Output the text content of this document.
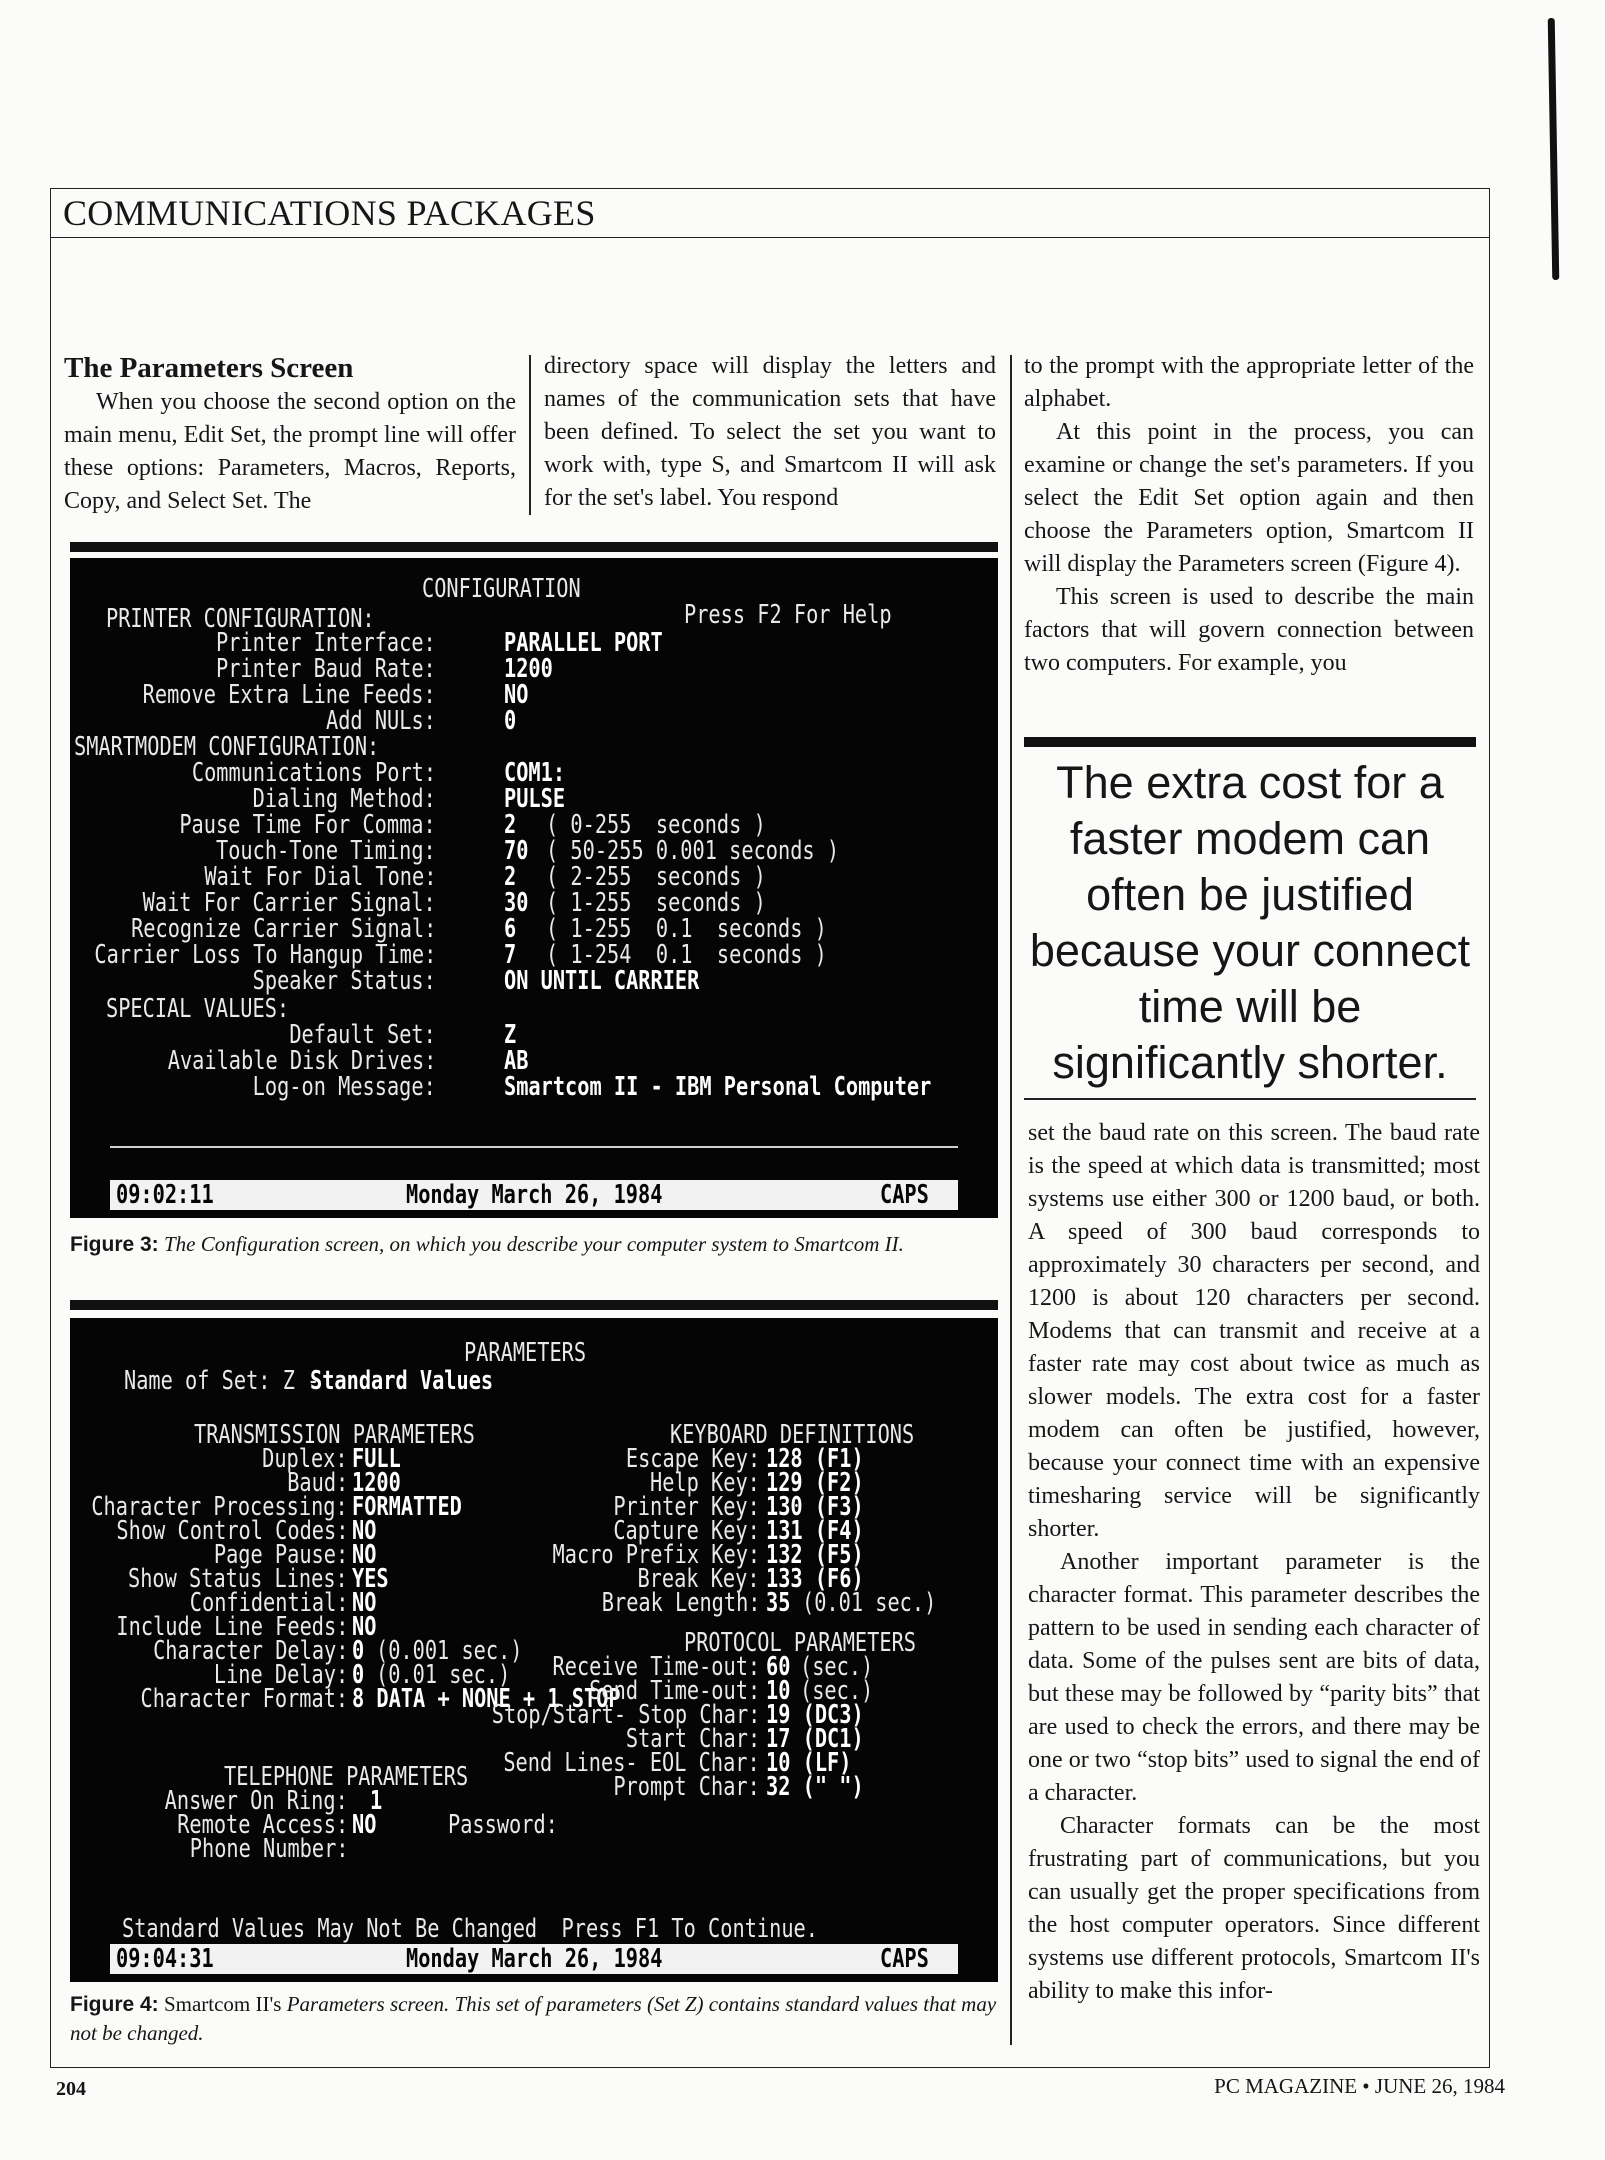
COMMUNICATIONS PACKAGES
The Parameters Screen

When you choose the second option on the main menu, Edit Set, the prompt line will offer these options: Parameters, Macros, Reports, Copy, and Select Set. The

directory space will display the letters and names of the communication sets that have been defined. To select the set you want to work with, type S, and Smartcom II will ask for the set's label. You respond

to the prompt with the appropriate letter of the alphabet.

At this point in the process, you can examine or change the set's parameters. If you select the Edit Set option again and then choose the Parameters option, Smartcom II will display the Parameters screen (Figure 4).

This screen is used to describe the main factors that will govern connection between two computers. For example, you

The extra cost for a faster modem can often be justified because your connect time will be significantly shorter.

set the baud rate on this screen. The baud rate is the speed at which data is transmitted; most systems use either 300 or 1200 baud, or both. A speed of 300 baud corresponds to approximately 30 characters per second, and 1200 is about 120 characters per second. Modems that can transmit and receive at a faster rate may cost about twice as much as slower models. The extra cost for a faster modem can often be justified, however, because your connect time with an expensive timesharing service will be significantly shorter.

Another important parameter is the character format. This parameter describes the pattern to be used in sending each character of data. Some of the pulses sent are bits of data, but these may be followed by “parity bits” that are used to check the errors, and there may be one or two “stop bits” used to signal the end of a character.

Character formats can be the most frustrating part of communications, but you can usually get the proper specifications from the host computer operators. Since different systems use different protocols, Smartcom II's ability to make this infor-

CONFIGURATION
Press F2 For Help
PRINTER CONFIGURATION:
Printer Interface:	PARALLEL PORT
Printer Baud Rate:	1200
Remove Extra Line Feeds:	NO
Add NULs:	0
SMARTMODEM CONFIGURATION:
Communications Port:	COM1:
Dialing Method:	PULSE
Pause Time For Comma:	2 ( 0-255  seconds )
Touch-Tone Timing:	70 ( 50-255 0.001 seconds )
Wait For Dial Tone:	2 ( 2-255  seconds )
Wait For Carrier Signal:	30 ( 1-255  seconds )
Recognize Carrier Signal:	6 ( 1-255  0.1  seconds )
Carrier Loss To Hangup Time:	7 ( 1-254  0.1  seconds )
Speaker Status:	ON UNTIL CARRIER
SPECIAL VALUES:
Default Set:	Z
Available Disk Drives:	AB
Log-on Message:	Smartcom II - IBM Personal Computer
09:02:11	Monday March 26, 1984	CAPS
Figure 3: The Configuration screen, on which you describe your computer system to Smartcom II.
PARAMETERS
Name of Set: Z -
Standard Values
TRANSMISSION PARAMETERS
Duplex: FULL
Baud: 1200
Character Processing: FORMATTED
Show Control Codes: NO
Page Pause: NO
Show Status Lines: YES
Confidential: NO
Include Line Feeds: NO
Character Delay: 0 (0.001 sec.)
Line Delay: 0 (0.01 sec.)
Character Format: 8 DATA + NONE + 1 STOP
KEYBOARD DEFINITIONS
Escape Key: 128 (F1)
Help Key: 129 (F2)
Printer Key: 130 (F3)
Capture Key: 131 (F4)
Macro Prefix Key: 132 (F5)
Break Key: 133 (F6)
Break Length: 35 (0.01 sec.)
PROTOCOL PARAMETERS
Receive Time-out: 60 (sec.)
Send Time-out: 10 (sec.)
Stop/Start- Stop Char: 19 (DC3)
Start Char: 17 (DC1)
Send Lines- EOL Char: 10 (LF)
Prompt Char: 32 (" ")
TELEPHONE PARAMETERS
Answer On Ring: 1
Remote Access: NO	Password:
Phone Number:
Standard Values May Not Be Changed  Press F1 To Continue.
09:04:31	Monday March 26, 1984	CAPS
Figure 4: Smartcom II's Parameters screen. This set of parameters (Set Z) contains standard values that may not be changed.
204	PC MAGAZINE • JUNE 26, 1984
